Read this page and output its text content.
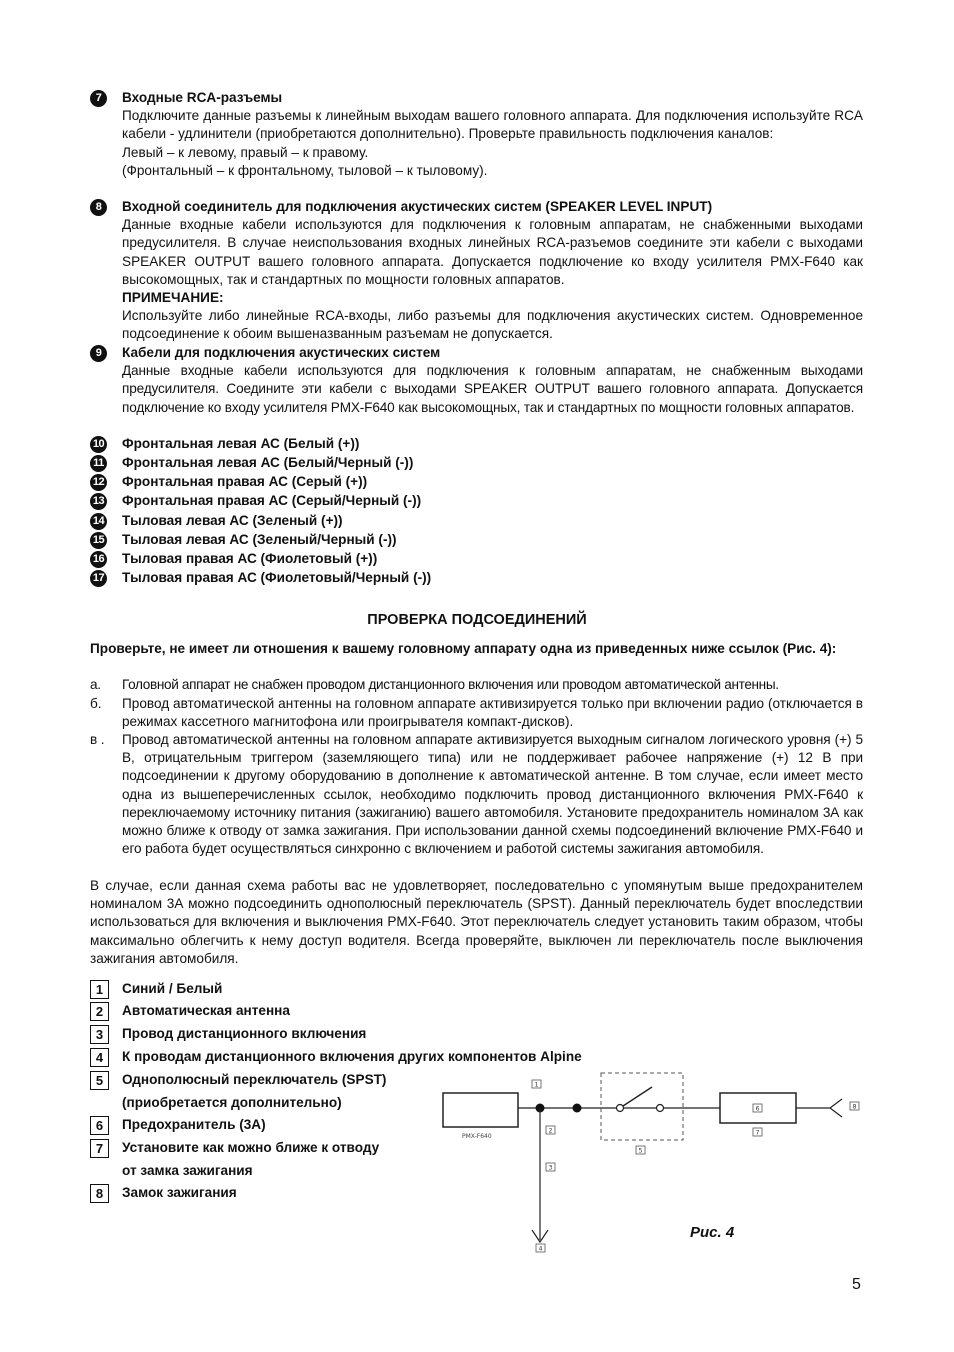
7	Входные RCA-разъемы

Подключите данные разъемы к линейным выходам вашего головного аппарата. Для подключения используйте RCA кабели - удлинители (приобретаются дополнительно). Проверьте правильность подключения каналов:

Левый – к левому, правый – к правому.

(Фронтальный – к фронтальному, тыловой – к тыловому).

8	Входной соединитель для подключения акустических систем (SPEAKER LEVEL INPUT)

Данные входные кабели используются для подключения к головным аппаратам, не снабженными выходами предусилителя. В случае неиспользования входных линейных RCA-разъемов соедините эти кабели с выходами SPEAKER OUTPUT вашего головного аппарата. Допускается подключение ко входу усилителя PMX-F640 как высокомощных, так и стандартных по мощности головных аппаратов.

ПРИМЕЧАНИЕ:

Используйте либо линейные RCA-входы, либо разъемы для подключения акустических систем. Одновременное подсоединение к обоим вышеназванным разъемам не допускается.

9	Кабели для подключения акустических систем

Данные входные кабели используются для подключения к головным аппаратам, не снабженным выходами предусилителя. Соедините эти кабели с выходами SPEAKER OUTPUT вашего головного аппарата. Допускается подключение ко входу усилителя PMX-F640 как высокомощных, так и стандартных по мощности головных аппаратов.

10 Фронтальная левая АС (Белый (+))
11 Фронтальная левая АС (Белый/Черный (-))
12 Фронтальная правая АС (Серый (+))
13 Фронтальная правая АС (Серый/Черный (-))
14 Тыловая левая АС (Зеленый (+))
15 Тыловая левая АС (Зеленый/Черный (-))
16 Тыловая правая АС (Фиолетовый (+))
17 Тыловая правая АС (Фиолетовый/Черный (-))
ПРОВЕРКА ПОДСОЕДИНЕНИЙ
Проверьте, не имеет ли отношения к вашему головному аппарату одна из приведенных ниже ссылок (Рис. 4):
а. Головной аппарат не снабжен проводом дистанционного включения или проводом автоматической антенны.
б. Провод автоматической антенны на головном аппарате активизируется только при включении радио (отключается в режимах кассетного магнитофона или проигрывателя компакт-дисков).
в . Провод автоматической антенны на головном аппарате активизируется выходным сигналом логического уровня (+) 5 В, отрицательным триггером (заземляющего типа) или не поддерживает рабочее напряжение (+) 12 В при подсоединении к другому оборудованию в дополнение к автоматической антенне. В том случае, если имеет место одна из вышеперечисленных ссылок, необходимо подключить провод дистанционного включения PMX-F640 к переключаемому источнику питания (зажиганию) вашего автомобиля. Установите предохранитель номиналом 3А как можно ближе к отводу от замка зажигания. При использовании данной схемы подсоединений включение PMX-F640 и его работа будет осуществляться синхронно с включением и работой системы зажигания автомобиля.
В случае, если данная схема работы вас не удовлетворяет, последовательно с упомянутым выше предохранителем номиналом 3А можно подсоединить однополюсный переключатель (SPST). Данный переключатель будет впоследствии использоваться для включения и выключения PMX-F640. Этот переключатель следует установить таким образом, чтобы максимально облегчить к нему доступ водителя. Всегда проверяйте, выключен ли переключатель после выключения зажигания автомобиля.
1	Синий / Белый
2	Автоматическая антенна
3	Провод дистанционного включения
4	К проводам дистанционного включения других компонентов Alpine
5	Однополюсный переключатель (SPST)
(приобретается дополнительно)
6	Предохранитель (3А)
7	Установите как можно ближе к отводу
от замка зажигания
8	Замок зажигания
PMX-F640
1
2
3
4
5
6
7
8
Рис. 4
5
